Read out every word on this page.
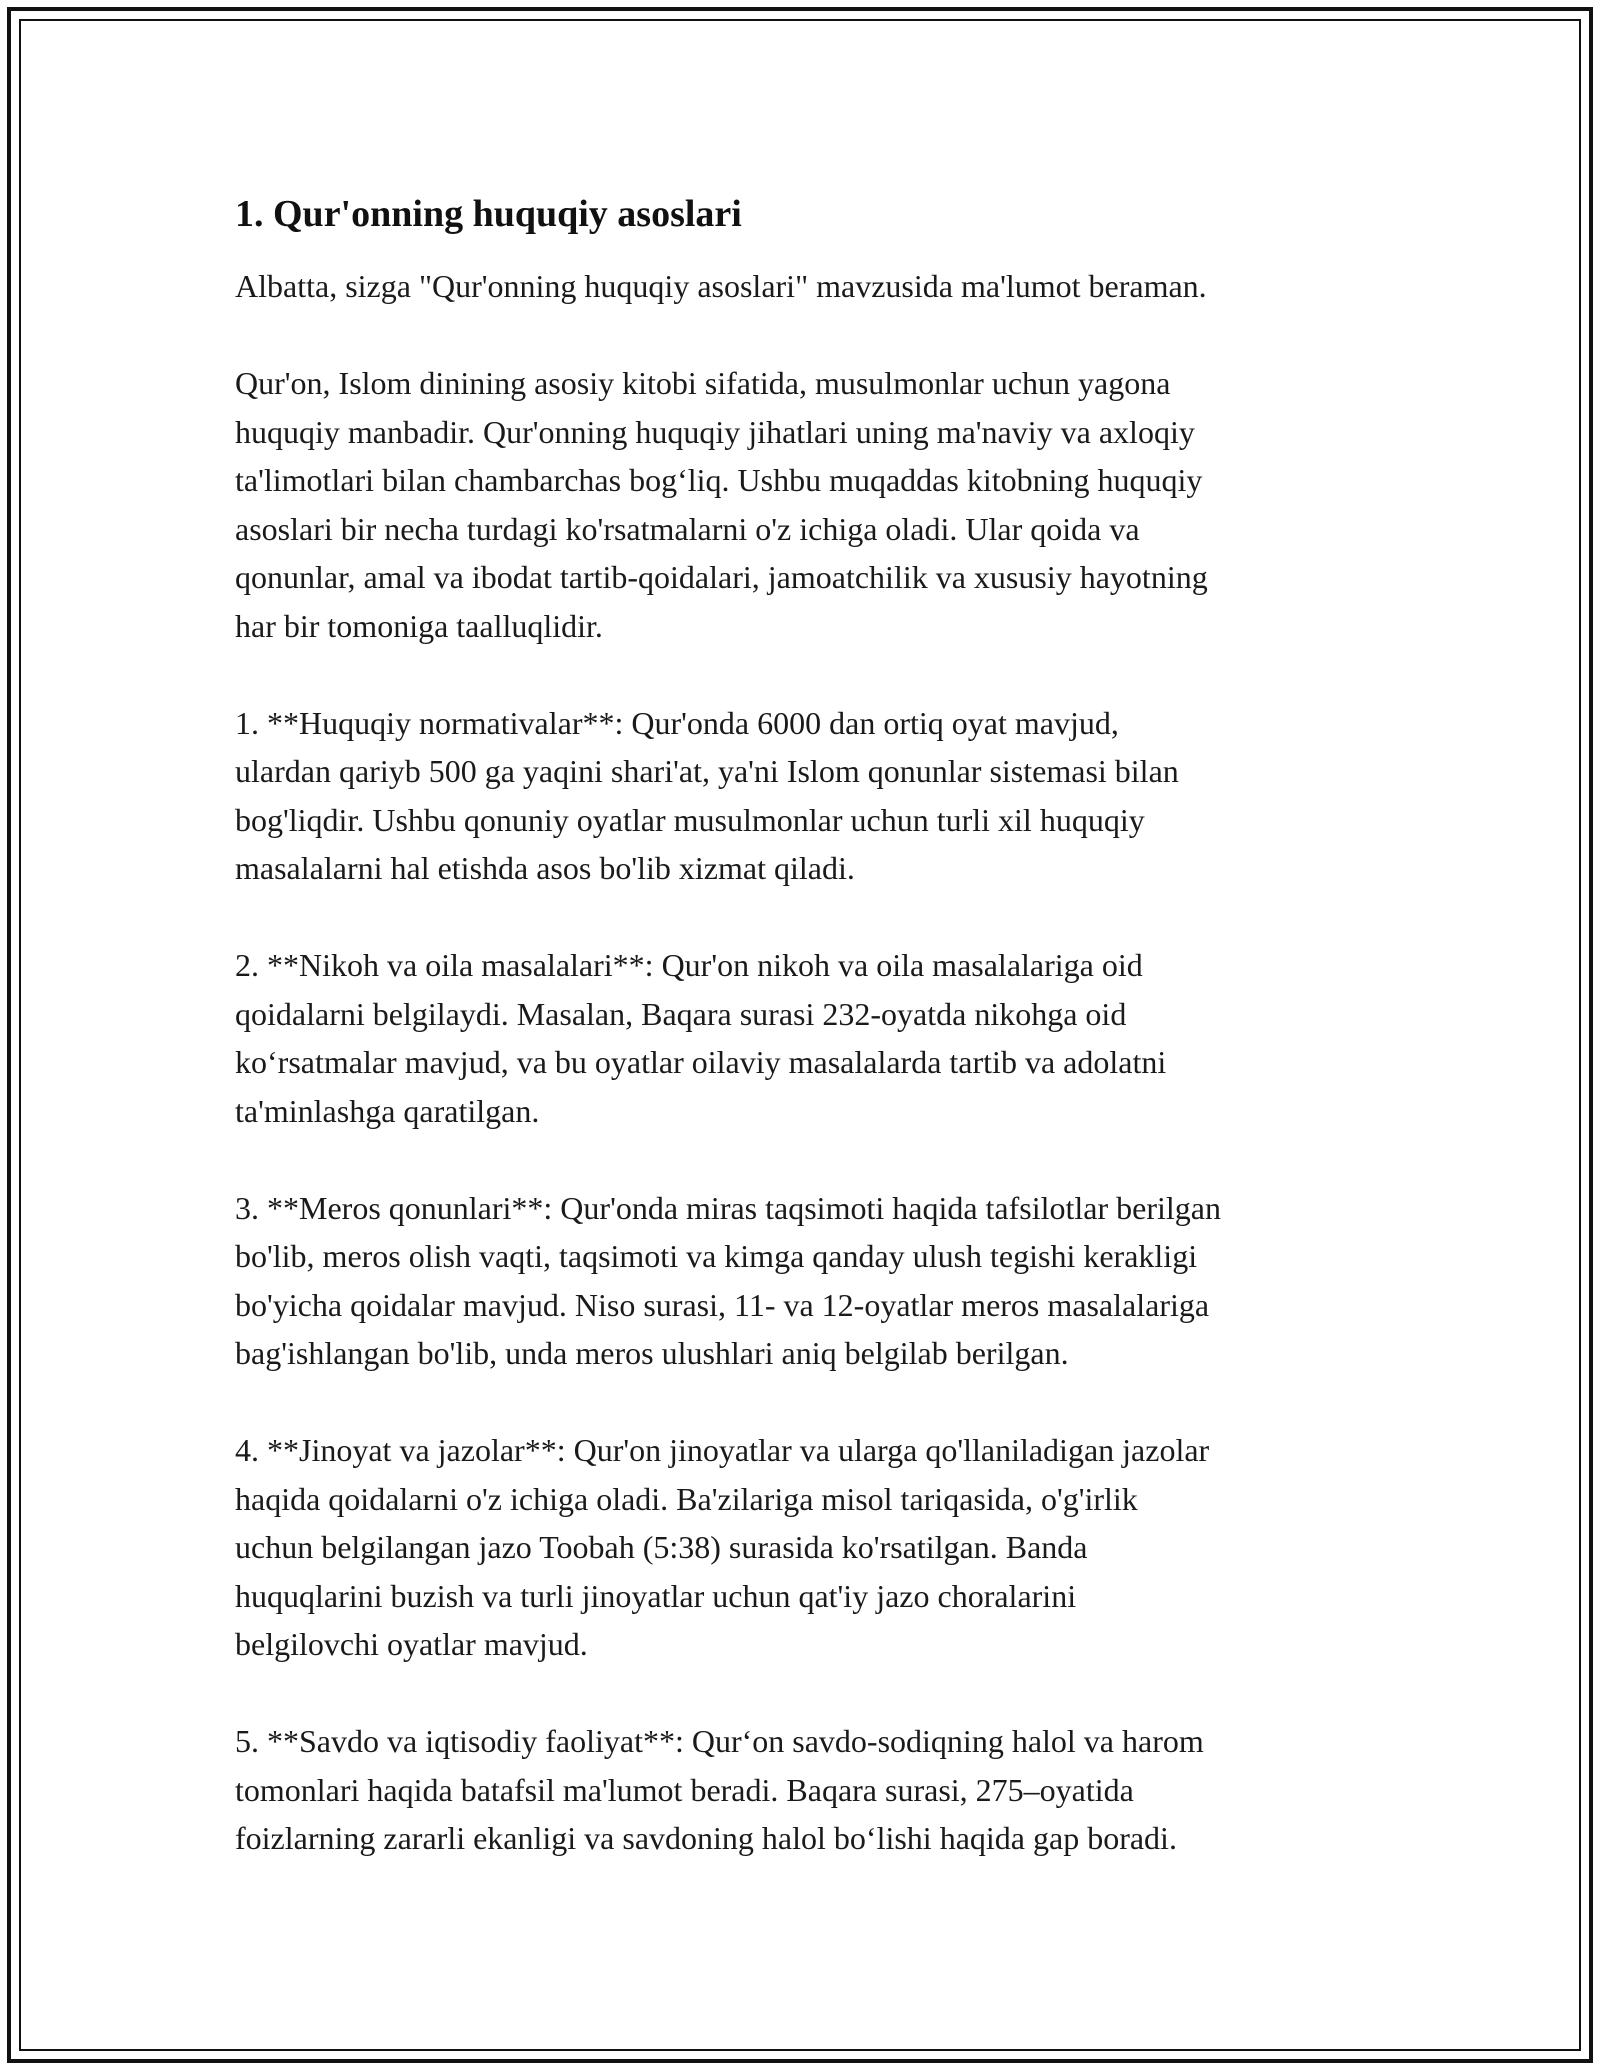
1. Qur'onning huquqiy asoslari

Albatta, sizga "Qur'onning huquqiy asoslari" mavzusida ma'lumot beraman.

Qur'on, Islom dinining asosiy kitobi sifatida, musulmonlar uchun yagona
huquqiy manbadir. Qur'onning huquqiy jihatlari uning ma'naviy va axloqiy
ta'limotlari bilan chambarchas bog‘liq. Ushbu muqaddas kitobning huquqiy
asoslari bir necha turdagi ko'rsatmalarni o'z ichiga oladi. Ular qoida va
qonunlar, amal va ibodat tartib-qoidalari, jamoatchilik va xususiy hayotning
har bir tomoniga taalluqlidir.

1. **Huquqiy normativalar**: Qur'onda 6000 dan ortiq oyat mavjud,
ulardan qariyb 500 ga yaqini shari'at, ya'ni Islom qonunlar sistemasi bilan
bog'liqdir. Ushbu qonuniy oyatlar musulmonlar uchun turli xil huquqiy
masalalarni hal etishda asos bo'lib xizmat qiladi.

2. **Nikoh va oila masalalari**: Qur'on nikoh va oila masalalariga oid
qoidalarni belgilaydi. Masalan, Baqara surasi 232-oyatda nikohga oid
ko‘rsatmalar mavjud, va bu oyatlar oilaviy masalalarda tartib va adolatni
ta'minlashga qaratilgan.

3. **Meros qonunlari**: Qur'onda miras taqsimoti haqida tafsilotlar berilgan
bo'lib, meros olish vaqti, taqsimoti va kimga qanday ulush tegishi kerakligi
bo'yicha qoidalar mavjud. Niso surasi, 11- va 12-oyatlar meros masalalariga
bag'ishlangan bo'lib, unda meros ulushlari aniq belgilab berilgan.

4. **Jinoyat va jazolar**: Qur'on jinoyatlar va ularga qo'llaniladigan jazolar
haqida qoidalarni o'z ichiga oladi. Ba'zilariga misol tariqasida, o'g'irlik
uchun belgilangan jazo Toobah (5:38) surasida ko'rsatilgan. Banda
huquqlarini buzish va turli jinoyatlar uchun qat'iy jazo choralarini
belgilovchi oyatlar mavjud.

5. **Savdo va iqtisodiy faoliyat**: Qur‘on savdo-sodiqning halol va harom
tomonlari haqida batafsil ma'lumot beradi. Baqara surasi, 275–oyatida
foizlarning zararli ekanligi va savdoning halol bo‘lishi haqida gap boradi.
